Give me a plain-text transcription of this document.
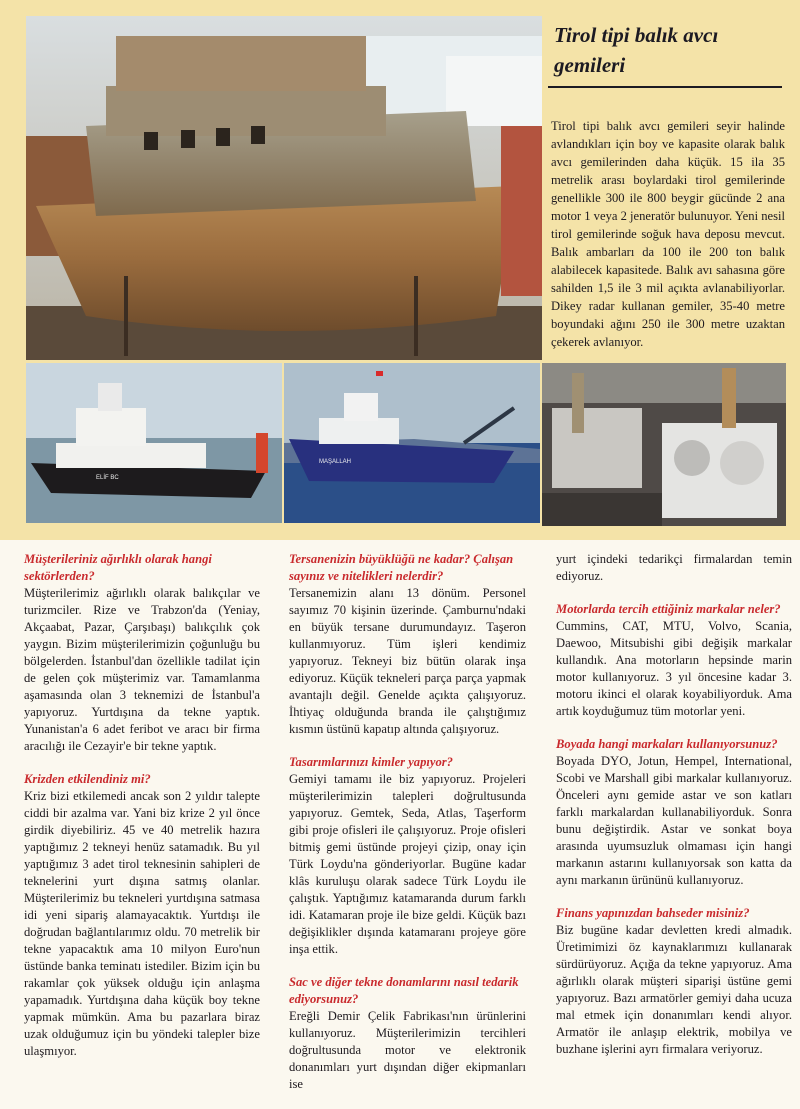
ELİF BC
MAŞALLAH
Tirol tipi balık avcı gemileri

Tirol tipi balık avcı gemileri seyir halinde avlandıkları için boy ve kapasite olarak balık avcı gemilerinden daha küçük. 15 ila 35 metrelik arası boylardaki tirol gemilerinde genellikle 300 ile 800 beygir gücünde 2 ana motor 1 veya 2 jeneratör bulunuyor. Yeni nesil tirol gemilerinde soğuk hava deposu mevcut. Balık ambarları da 100 ile 200 ton balık alabilecek kapasitede. Balık avı sahasına göre sahilden 1,5 ile 3 mil açıkta avlanabiliyorlar. Dikey radar kullanan gemiler, 35-40 metre boyundaki ağını 250 ile 300 metre uzaktan çekerek avlanıyor.

Müşterileriniz ağırlıklı olarak hangi sektörlerden?

Müşterilerimiz ağırlıklı olarak balıkçılar ve turizmciler. Rize ve Trabzon'da (Yeniay, Akçaabat, Pazar, Çarşıbaşı) balıkçılık çok yaygın. Bizim müşterilerimizin çoğunluğu bu bölgelerden. İstanbul'dan özellikle tadilat için de gelen çok müşterimiz var. Tamamlanma aşamasında olan 3 teknemizi de İstanbul'a yapıyoruz. Yurtdışına da tekne yaptık. Yunanistan'a 6 adet feribot ve aracı bir firma aracılığı ile Cezayir'e bir tekne yaptık.

Krizden etkilendiniz mi?

Kriz bizi etkilemedi ancak son 2 yıldır talepte ciddi bir azalma var. Yani biz krize 2 yıl önce girdik diyebiliriz. 45 ve 40 metrelik hazıra yaptığımız 2 tekneyi henüz satamadık. Bu yıl yaptığımız 3 adet tirol teknesinin sahipleri de teknelerini yurt dışına satmış olanlar. Müşterilerimiz bu tekneleri yurtdışına satmasa idi yeni sipariş alamayacaktık. Yurtdışı ile doğrudan bağlantılarımız oldu. 70 metrelik bir tekne yapacaktık ama 10 milyon Euro'nun üstünde banka teminatı istediler. Bizim için bu rakamlar çok yüksek olduğu için anlaşma yapamadık. Yurtdışına daha küçük boy tekne yapmak mümkün. Ama bu pazarlara biraz uzak olduğumuz için bu yöndeki talepler bize ulaşmıyor.

Tersanenizin büyüklüğü ne kadar? Çalışan sayınız ve nitelikleri nelerdir?

Tersanemizin alanı 13 dönüm. Personel sayımız 70 kişinin üzerinde. Çamburnu'ndaki en büyük tersane durumundayız. Taşeron kullanmıyoruz. Tüm işleri kendimiz yapıyoruz. Tekneyi biz bütün olarak inşa ediyoruz. Küçük tekneleri parça parça yapmak avantajlı değil. Genelde açıkta çalışıyoruz. İhtiyaç olduğunda branda ile çalıştığımız kısmın üstünü kapatıp altında çalışıyoruz.

Tasarımlarınızı kimler yapıyor?

Gemiyi tamamı ile biz yapıyoruz. Projeleri müşterilerimizin talepleri doğrultusunda yapıyoruz. Gemtek, Seda, Atlas, Taşerform gibi proje ofisleri ile çalışıyoruz. Proje ofisleri bitmiş gemi üstünde projeyi çizip, onay için Türk Loydu'na gönderiyorlar. Bugüne kadar klâs kuruluşu olarak sadece Türk Loydu ile çalıştık. Yaptığımız katamaranda durum farklı idi. Katamaran proje ile bize geldi. Küçük bazı değişiklikler dışında katamaranı projeye göre inşa ettik.

Sac ve diğer tekne donamlarını nasıl tedarik ediyorsunuz?

Ereğli Demir Çelik Fabrikası'nın ürünlerini kullanıyoruz. Müşterilerimizin tercihleri doğrultusunda motor ve elektronik donanımları yurt dışından diğer ekipmanları ise

yurt içindeki tedarikçi firmalardan temin ediyoruz.

Motorlarda tercih ettiğiniz markalar neler?

Cummins, CAT, MTU, Volvo, Scania, Daewoo, Mitsubishi gibi değişik markalar kullandık. Ana motorların hepsinde marin motor kullanıyoruz. 3 yıl öncesine kadar 3. motoru ikinci el olarak koyabiliyorduk. Ama artık koyduğumuz tüm motorlar yeni.

Boyada hangi markaları kullanıyorsunuz?

Boyada DYO, Jotun, Hempel, International, Scobi ve Marshall gibi markalar kullanıyoruz. Önceleri aynı gemide astar ve son katları farklı markalardan kullanabiliyorduk. Sonra bunu değiştirdik. Astar ve sonkat boya arasında uyumsuzluk olmaması için hangi markanın astarını kullanıyorsak son katta da aynı markanın ürününü kullanıyoruz.

Finans yapınızdan bahseder misiniz?

Biz bugüne kadar devletten kredi almadık. Üretimimizi öz kaynaklarımızı kullanarak sürdürüyoruz. Açığa da tekne yapıyoruz. Ama ağırlıklı olarak müşteri siparişi üstüne gemi yapıyoruz. Bazı armatörler gemiyi daha ucuza mal etmek için donanımları kendi alıyor. Armatör ile anlaşıp elektrik, mobilya ve buzhane işlerini ayrı firmalara veriyoruz.
